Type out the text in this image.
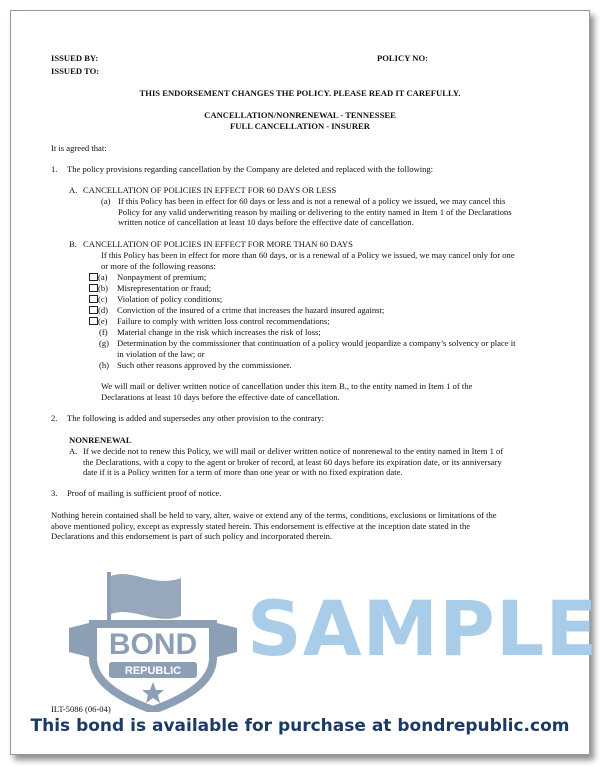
ISSUED BY:
ISSUED TO:
POLICY NO:
THIS ENDORSEMENT CHANGES THE POLICY. PLEASE READ IT CAREFULLY.
CANCELLATION/NONRENEWAL - TENNESSEE
FULL CANCELLATION - INSURER
It is agreed that:
1. The policy provisions regarding cancellation by the Company are deleted and replaced with the following:
A. CANCELLATION OF POLICIES IN EFFECT FOR 60 DAYS OR LESS
(a) If this Policy has been in effect for 60 days or less and is not a renewal of a policy we issued, we may cancel this
Policy for any valid underwriting reason by mailing or delivering to the entity named in Item 1 of the Declarations
written notice of cancellation at least 10 days before the effective date of cancellation.
B. CANCELLATION OF POLICIES IN EFFECT FOR MORE THAN 60 DAYS
If this Policy has been in effect for more than 60 days, or is a renewal of a Policy we issued, we may cancel only for one
or more of the following reasons:
(a) Nonpayment of premium;
(b) Misrepresentation or fraud;
(c) Violation of policy conditions;
(d) Conviction of the insured of a crime that increases the hazard insured against;
(e) Failure to comply with written loss control recommendations;
(f) Material change in the risk which increases the risk of loss;
(g) Determination by the commissioner that continuation of a policy would jeopardize a company’s solvency or place it
in violation of the law; or
(h) Such other reasons approved by the commissioner.
We will mail or deliver written notice of cancellation under this item B., to the entity named in Item 1 of the
Declarations at least 10 days before the effective date of cancellation.
2. The following is added and supersedes any other provision to the contrary:
NONRENEWAL
A. If we decide not to renew this Policy, we will mail or deliver written notice of nonrenewal to the entity named in Item 1 of
the Declarations, with a copy to the agent or broker of record, at least 60 days before its expiration date, or its anniversary
date if it is a Policy written for a term of more than one year or with no fixed expiration date.
3. Proof of mailing is sufficient proof of notice.
Nothing herein contained shall be held to vary, alter, waive or extend any of the terms, conditions, exclusions or limitations of the
above mentioned policy, except as expressly stated herein. This endorsement is effective at the inception date stated in the
Declarations and this endorsement is part of such policy and incorporated therein.
BOND
REPUBLIC SAMPLE
ILT-5086 (06-04)
This bond is available for purchase at bondrepublic.com
